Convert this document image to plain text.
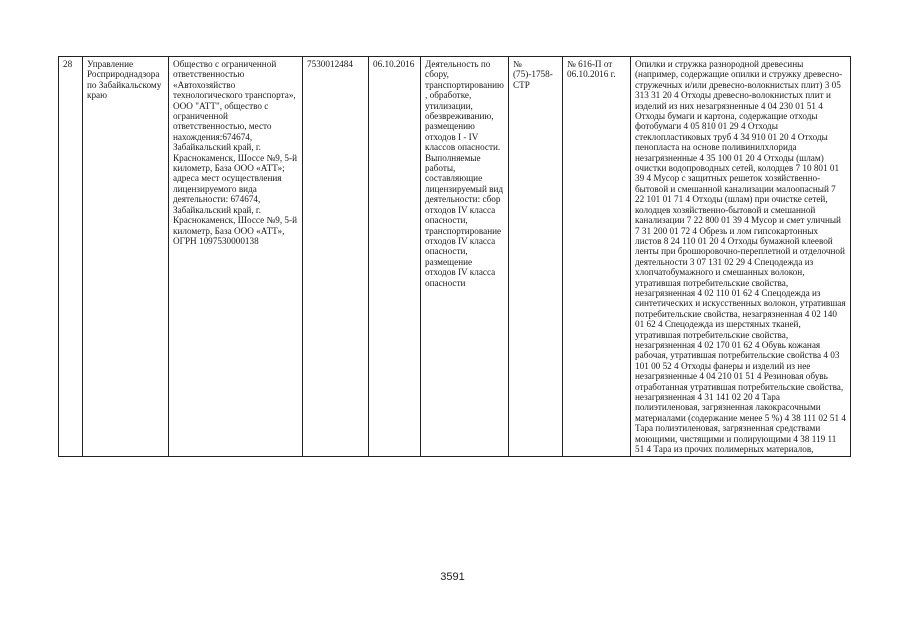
28	Управление Росприроднадзора по Забайкальскому краю	Общество с ограниченной ответственностью «Автохозяйство технологического транспорта», ООО "АТТ", общество с ограниченной ответственностью, место нахождения:674674, Забайкальский край, г. Краснокаменск, Шоссе №9, 5-й километр, База ООО «АТТ»; адреса мест осуществления лицензируемого вида деятельности: 674674, Забайкальский край, г. Краснокаменск, Шоссе №9, 5-й километр, База ООО «АТТ», ОГРН 1097530000138	7530012484	06.10.2016	Деятельность по сбору, транспортированию, обработке, утилизации, обезвреживанию, размещению отходов I - IV классов опасности. Выполняемые работы, составляющие лицензируемый вид деятельности: сбор отходов IV класса опасности, транспортирование отходов IV класса опасности, размещение отходов IV класса опасности	№ (75)-1758-СТР	№ 616-П от 06.10.2016 г.	Опилки и стружка разнородной древесины (например, содержащие опилки и стружку древесно-стружечных и/или древесно-волокнистых плит) 3 05 313 31 20 4 Отходы древесно-волокнистых плит и изделий из них незагрязненные 4 04 230 01 51 4 Отходы бумаги и картона, содержащие отходы фотобумаги 4 05 810 01 29 4 Отходы стеклопластиковых труб 4 34 910 01 20 4 Отходы пенопласта на основе поливинилхлорида незагрязненные 4 35 100 01 20 4 Отходы (шлам) очистки водопроводных сетей, колодцев 7 10 801 01 39 4 Мусор с защитных решеток хозяйственно-бытовой и смешанной канализации малоопасный 7 22 101 01 71 4 Отходы (шлам) при очистке сетей, колодцев хозяйственно-бытовой и смешанной канализации 7 22 800 01 39 4 Мусор и смет уличный 7 31 200 01 72 4 Обрезь и лом гипсокартонных листов 8 24 110 01 20 4 Отходы бумажной клеевой ленты при брошюровочно-переплетной и отделочной деятельности 3 07 131 02 29 4 Спецодежда из хлопчатобумажного и смешанных волокон, утратившая потребительские свойства, незагрязненная 4 02 110 01 62 4 Спецодежда из синтетических и искусственных волокон, утратившая потребительские свойства, незагрязненная 4 02 140 01 62 4 Спецодежда из шерстяных тканей, утратившая потребительские свойства, незагрязненная 4 02 170 01 62 4 Обувь кожаная рабочая, утратившая потребительские свойства 4 03 101 00 52 4 Отходы фанеры и изделий из нее незагрязненные 4 04 210 01 51 4 Резиновая обувь отработанная утратившая потребительские свойства, незагрязненная 4 31 141 02 20 4 Тара полиэтиленовая, загрязненная лакокрасочными материалами (содержание менее 5 %) 4 38 111 02 51 4 Тара полиэтиленовая, загрязненная средствами моющими, чистящими и полирующими 4 38 119 11 51 4 Тара из прочих полимерных материалов,
3591
